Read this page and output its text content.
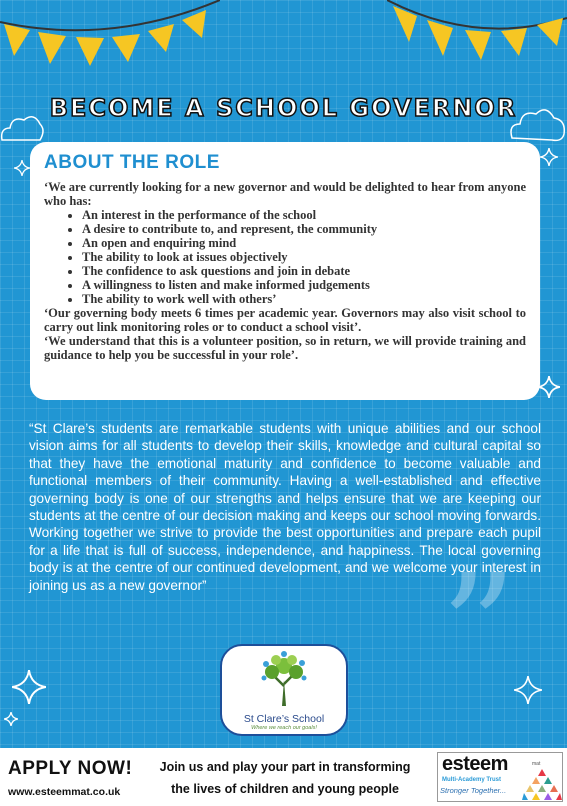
BECOME A SCHOOL GOVERNOR
ABOUT THE ROLE

‘We are currently looking for a new governor and would be delighted to hear from anyone who has:

• An interest in the performance of the school
• A desire to contribute to, and represent, the community
• An open and enquiring mind
• The ability to look at issues objectively
• The confidence to ask questions and join in debate
• A willingness to listen and make informed judgements
• The ability to work well with others’

‘Our governing body meets 6 times per academic year. Governors may also visit school to carry out link monitoring roles or to conduct a school visit’.

‘We understand that this is a volunteer position, so in return, we will provide training and guidance to help you be successful in your role’.

”
“St Clare’s students are remarkable students with unique abilities and our school vision aims for all students to develop their skills, knowledge and cultural capital so that they have the emotional maturity and confidence to become valuable and functional members of their community. Having a well-established and effective governing body is one of our strengths and helps ensure that we are keeping our students at the centre of our decision making and keeps our school moving forwards. Working together we strive to provide the best opportunities and prepare each pupil for a life that is full of success, independence, and happiness. The local governing body is at the centre of our continued development, and we welcome your interest in joining us as a new governor”
St Clare’s School
Where we reach our goals!
APPLY NOW!
www.esteemmat.co.uk
Join us and play your part in transforming
the lives of children and young people
esteem	mat
Multi-Academy Trust
Stronger Together...
